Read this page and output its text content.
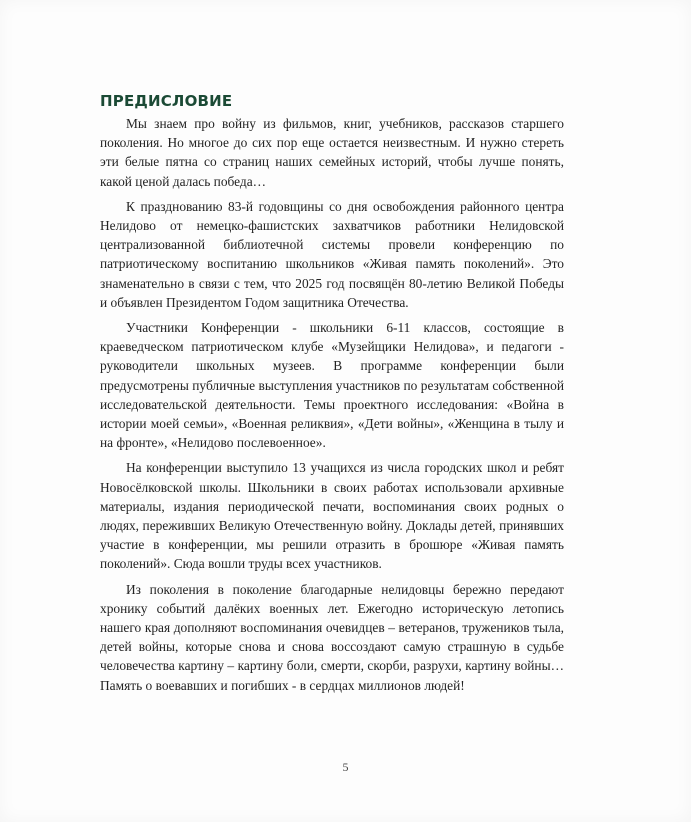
ПРЕДИСЛОВИЕ

Мы знаем про войну из фильмов, книг, учебников, рассказов старшего поколения. Но многое до сих пор еще остается неизвестным. И нужно стереть эти белые пятна со страниц наших семейных историй, чтобы лучше понять, какой ценой далась победа…

К празднованию 83-й годовщины со дня освобождения районного центра Нелидово от немецко-фашистских захватчиков работники Нелидовской централизованной библиотечной системы провели конференцию по патриотическому воспитанию школьников «Живая память поколений». Это знаменательно в связи с тем, что 2025 год посвящён 80-летию Великой Победы и объявлен Президентом Годом защитника Отечества.

Участники Конференции - школьники 6-11 классов, состоящие в краеведческом патриотическом клубе «Музейщики Нелидова», и педагоги - руководители школьных музеев. В программе конференции были предусмотрены публичные выступления участников по результатам собственной исследовательской деятельности. Темы проектного исследования: «Война в истории моей семьи», «Военная реликвия», «Дети войны», «Женщина в тылу и на фронте», «Нелидово послевоенное».

На конференции выступило 13 учащихся из числа городских школ и ребят Новосёлковской школы. Школьники в своих работах использовали архивные материалы, издания периодической печати, воспоминания своих родных о людях, переживших Великую Отечественную войну. Доклады детей, принявших участие в конференции, мы решили отразить в брошюре «Живая память поколений». Сюда вошли труды всех участников.

Из поколения в поколение благодарные нелидовцы бережно передают хронику событий далёких военных лет. Ежегодно историческую летопись нашего края дополняют воспоминания очевидцев – ветеранов, тружеников тыла, детей войны, которые снова и снова воссоздают самую страшную в судьбе человечества картину – картину боли, смерти, скорби, разрухи, картину войны… Память о воевавших и погибших - в сердцах миллионов людей!

5
